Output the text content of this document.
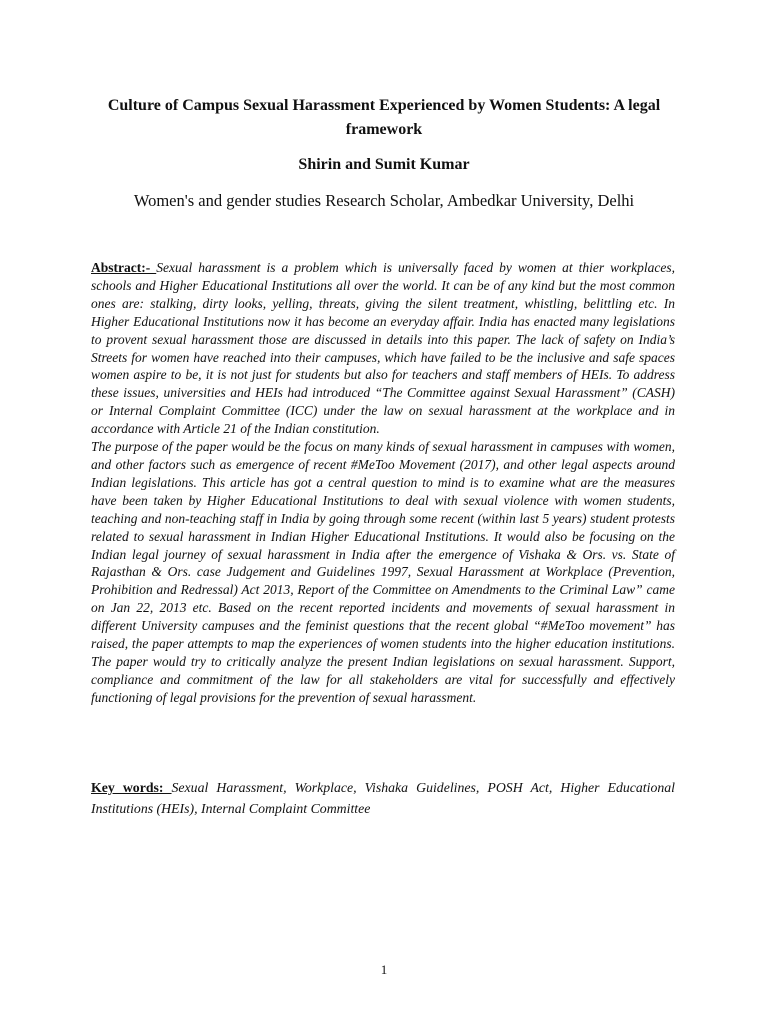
Culture of Campus Sexual Harassment Experienced by Women Students: A legal framework
Shirin and Sumit Kumar
Women's and gender studies Research Scholar, Ambedkar University, Delhi
Abstract:- Sexual harassment is a problem which is universally faced by women at thier workplaces, schools and Higher Educational Institutions all over the world. It can be of any kind but the most common ones are: stalking, dirty looks, yelling, threats, giving the silent treatment, whistling, belittling etc. In Higher Educational Institutions now it has become an everyday affair. India has enacted many legislations to provent sexual harassment those are discussed in details into this paper. The lack of safety on India’s Streets for women have reached into their campuses, which have failed to be the inclusive and safe spaces women aspire to be, it is not just for students but also for teachers and staff members of HEIs. To address these issues, universities and HEIs had introduced “The Committee against Sexual Harassment” (CASH) or Internal Complaint Committee (ICC) under the law on sexual harassment at the workplace and in accordance with Article 21 of the Indian constitution.
The purpose of the paper would be the focus on many kinds of sexual harassment in campuses with women, and other factors such as emergence of recent #MeToo Movement (2017), and other legal aspects around Indian legislations. This article has got a central question to mind is to examine what are the measures have been taken by Higher Educational Institutions to deal with sexual violence with women students, teaching and non-teaching staff in India by going through some recent (within last 5 years) student protests related to sexual harassment in Indian Higher Educational Institutions. It would also be focusing on the Indian legal journey of sexual harassment in India after the emergence of Vishaka & Ors. vs. State of Rajasthan & Ors. case Judgement and Guidelines 1997, Sexual Harassment at Workplace (Prevention, Prohibition and Redressal) Act 2013, Report of the Committee on Amendments to the Criminal Law” came on Jan 22, 2013 etc. Based on the recent reported incidents and movements of sexual harassment in different University campuses and the feminist questions that the recent global “#MeToo movement” has raised, the paper attempts to map the experiences of women students into the higher education institutions. The paper would try to critically analyze the present Indian legislations on sexual harassment. Support, compliance and commitment of the law for all stakeholders are vital for successfully and effectively functioning of legal provisions for the prevention of sexual harassment.
Key words: Sexual Harassment, Workplace, Vishaka Guidelines, POSH Act, Higher Educational Institutions (HEIs), Internal Complaint Committee
1
